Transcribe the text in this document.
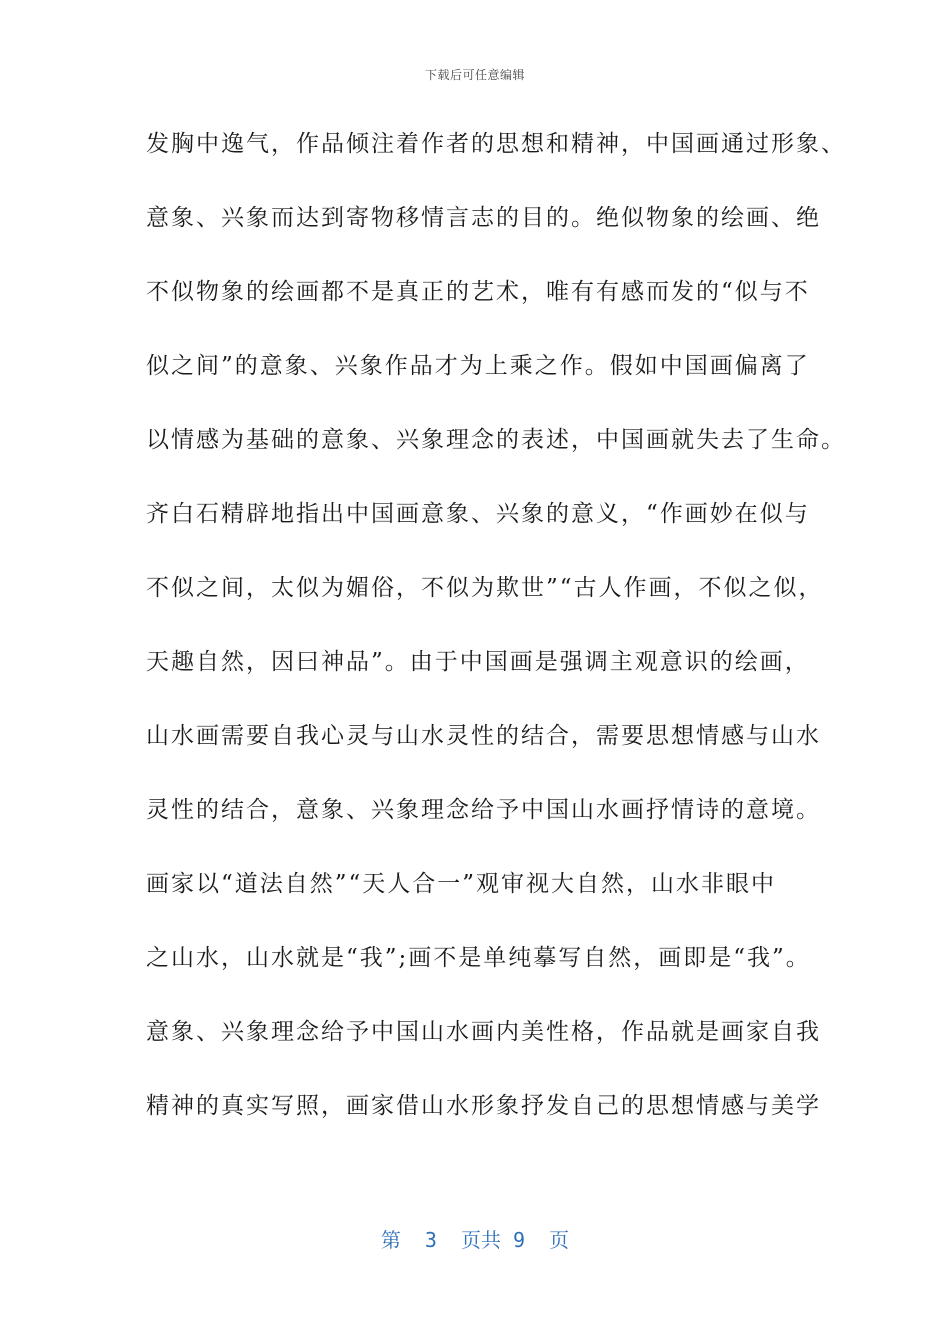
下载后可任意编辑
发胸中逸气，作品倾注着作者的思想和精神，中国画通过形象、
意象、兴象而达到寄物移情言志的目的。绝似物象的绘画、绝
不似物象的绘画都不是真正的艺术，唯有有感而发的“似与不
似之间”的意象、兴象作品才为上乘之作。假如中国画偏离了
以情感为基础的意象、兴象理念的表述，中国画就失去了生命。
齐白石精辟地指出中国画意象、兴象的意义，“作画妙在似与
不似之间，太似为媚俗，不似为欺世”“古人作画，不似之似，
天趣自然，因曰神品”。由于中国画是强调主观意识的绘画，
山水画需要自我心灵与山水灵性的结合，需要思想情感与山水
灵性的结合，意象、兴象理念给予中国山水画抒情诗的意境。
画家以“道法自然”“天人合一”观审视大自然，山水非眼中
之山水，山水就是“我”;画不是单纯摹写自然，画即是“我”。
意象、兴象理念给予中国山水画内美性格，作品就是画家自我
精神的真实写照，画家借山水形象抒发自己的思想情感与美学
第  3  页共 9  页
